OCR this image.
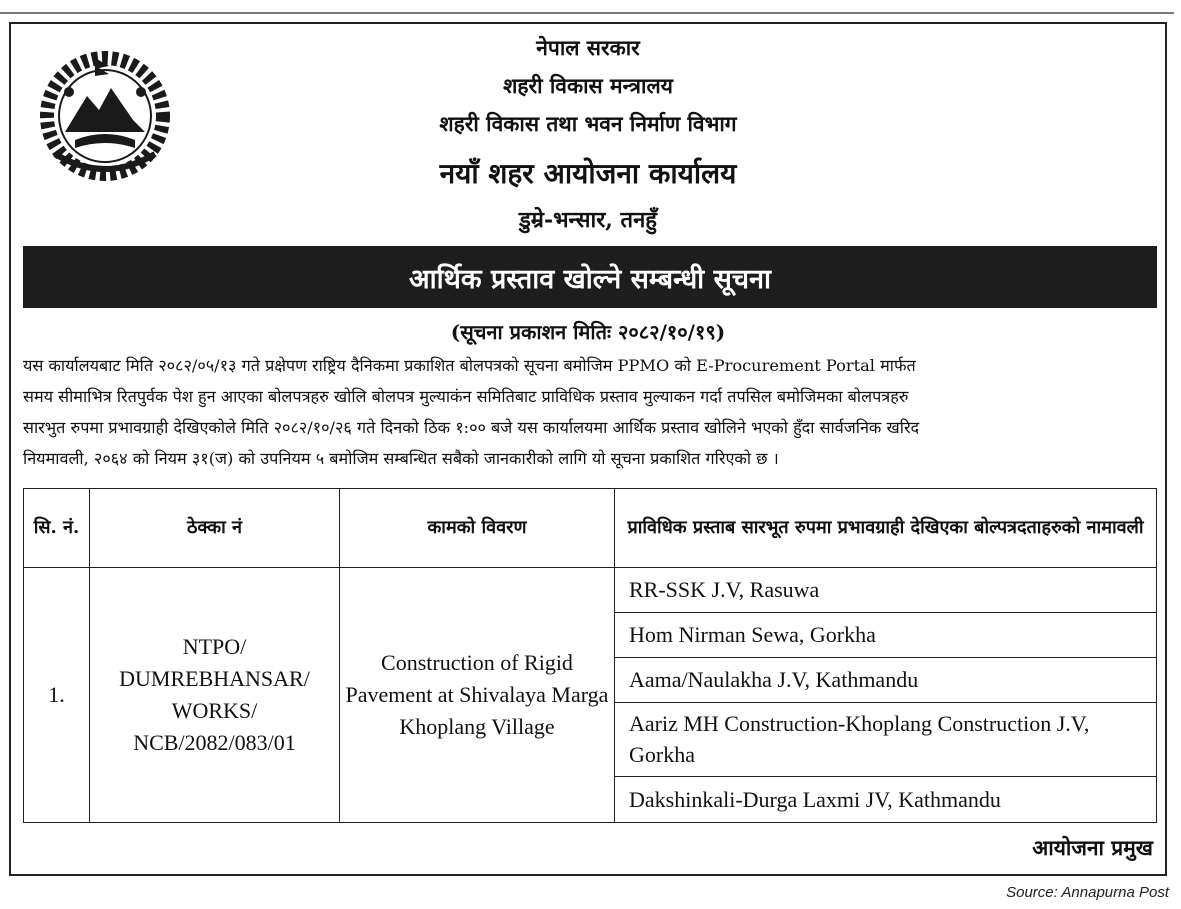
नेपाल सरकार
शहरी विकास मन्त्रालय
शहरी विकास तथा भवन निर्माण विभाग
नयाँ शहर आयोजना कार्यालय
डुम्रे-भन्सार, तनहुँ
आर्थिक प्रस्ताव खोल्ने सम्बन्धी सूचना
(सूचना प्रकाशन मितिः २०८२/१०/१९)
यस कार्यालयबाट मिति २०८२/०५/१३ गते प्रक्षेपण राष्ट्रिय दैनिकमा प्रकाशित बोलपत्रको सूचना बमोजिम PPMO को E-Procurement Portal मार्फत
समय सीमाभित्र रितपुर्वक पेश हुन आएका बोलपत्रहरु खोलि बोलपत्र मुल्याकंन समितिबाट प्राविधिक प्रस्ताव मुल्याकन गर्दा तपसिल बमोजिमका बोलपत्रहरु
सारभुत रुपमा प्रभावग्राही देखिएकोले मिति २०८२/१०/२६ गते दिनको ठिक १:०० बजे यस कार्यालयमा आर्थिक प्रस्ताव खोलिने भएको हुँदा सार्वजनिक खरिद
नियमावली, २०६४ को नियम ३१(ज) को उपनियम ५ बमोजिम सम्बन्धित सबैको जानकारीको लागि यो सूचना प्रकाशित गरिएको छ ।
सि. नं.	ठेक्का नं	कामको विवरण	प्राविधिक प्रस्ताब सारभूत रुपमा प्रभावग्राही देखिएका बोल्पत्रदताहरुको नामावली
1.	NTPO/ DUMREBHANSAR/ WORKS/ NCB/2082/083/01	Construction of Rigid Pavement at Shivalaya Marga Khoplang Village	RR-SSK J.V, Rasuwa
Hom Nirman Sewa, Gorkha
Aama/Naulakha J.V, Kathmandu
Aariz MH Construction-Khoplang Construction J.V, Gorkha
Dakshinkali-Durga Laxmi JV, Kathmandu
आयोजना प्रमुख
Source: Annapurna Post
